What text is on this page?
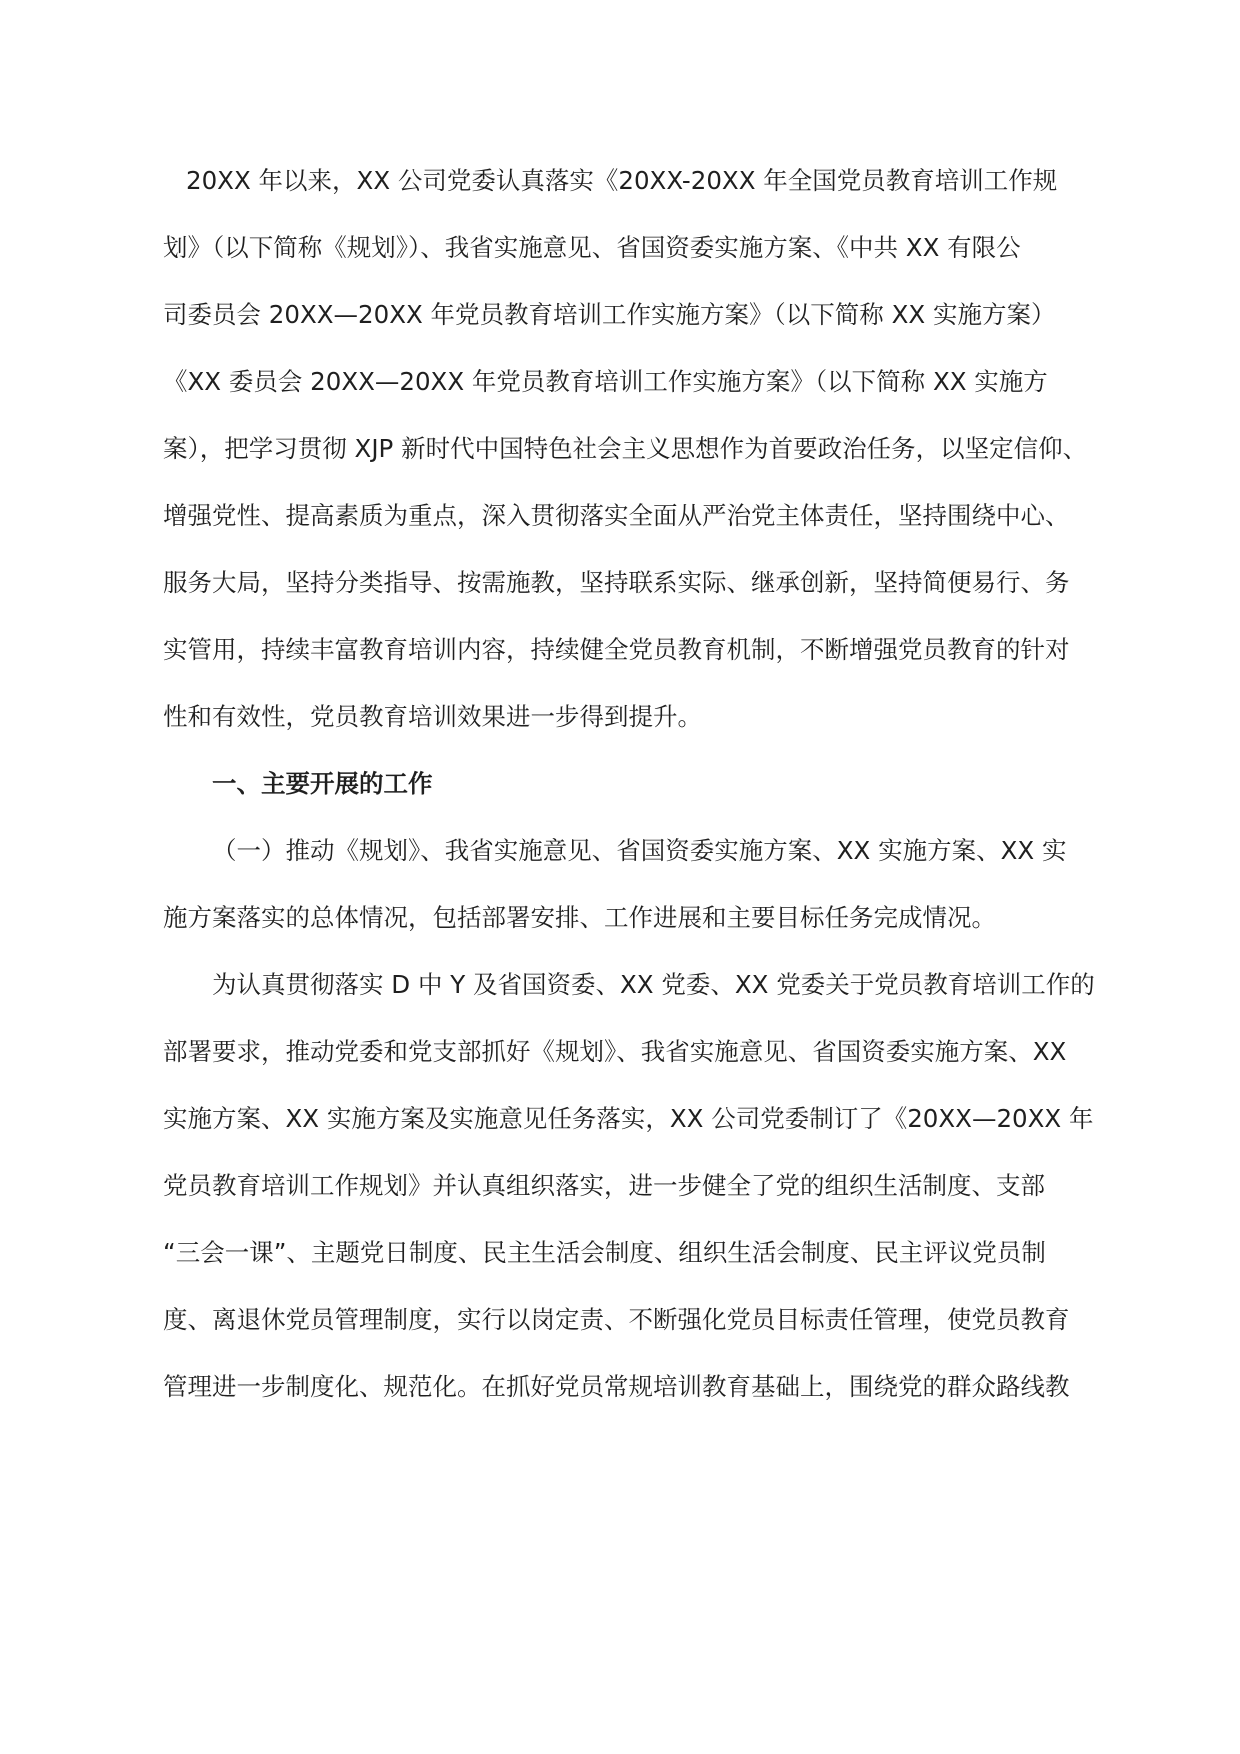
20XX 年以来，XX 公司党委认真落实《20XX-20XX 年全国党员教育培训工作规
划》（以下简称《规划》）、我省实施意见、省国资委实施方案、《中共 XX 有限公
司委员会 20XX—20XX 年党员教育培训工作实施方案》（以下简称 XX 实施方案）
《XX 委员会 20XX—20XX 年党员教育培训工作实施方案》（以下简称 XX 实施方
案），把学习贯彻 XJP 新时代中国特色社会主义思想作为首要政治任务，以坚定信仰、
增强党性、提高素质为重点，深入贯彻落实全面从严治党主体责任，坚持围绕中心、
服务大局，坚持分类指导、按需施教，坚持联系实际、继承创新，坚持简便易行、务
实管用，持续丰富教育培训内容，持续健全党员教育机制，不断增强党员教育的针对
性和有效性，党员教育培训效果进一步得到提升。
一、主要开展的工作
（一）推动《规划》、我省实施意见、省国资委实施方案、XX 实施方案、XX 实
施方案落实的总体情况，包括部署安排、工作进展和主要目标任务完成情况。
为认真贯彻落实 D 中 Y 及省国资委、XX 党委、XX 党委关于党员教育培训工作的
部署要求，推动党委和党支部抓好《规划》、我省实施意见、省国资委实施方案、XX
实施方案、XX 实施方案及实施意见任务落实，XX 公司党委制订了《20XX—20XX 年
党员教育培训工作规划》并认真组织落实，进一步健全了党的组织生活制度、支部
“三会一课”、主题党日制度、民主生活会制度、组织生活会制度、民主评议党员制
度、离退休党员管理制度，实行以岗定责、不断强化党员目标责任管理，使党员教育
管理进一步制度化、规范化。在抓好党员常规培训教育基础上，围绕党的群众路线教
